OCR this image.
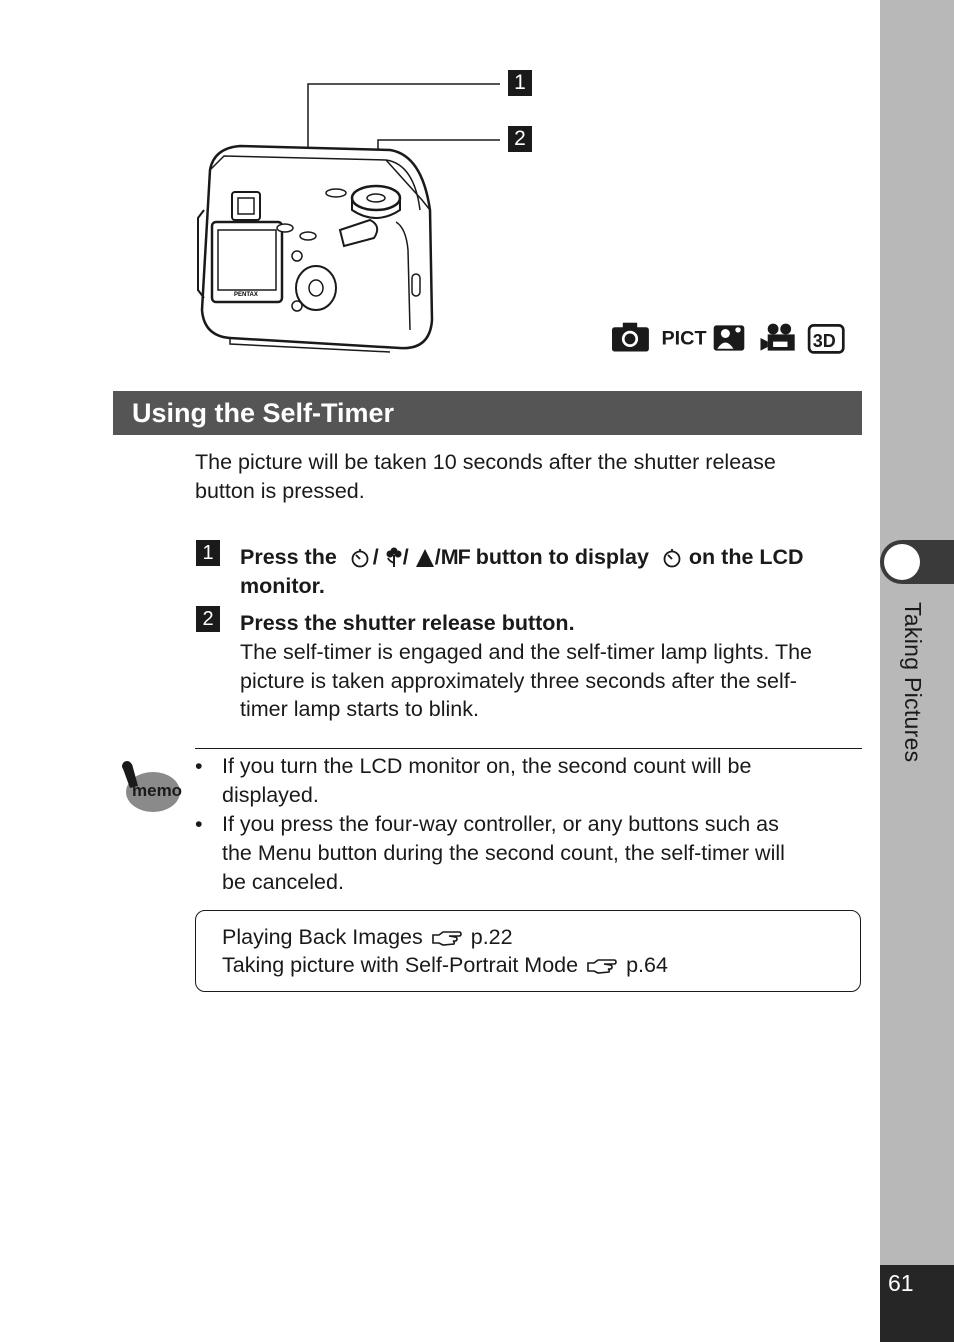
Taking Pictures
61
PENTAX
1
2
PICT	3D
Using the Self-Timer
The picture will be taken 10 seconds after the shutter release
button is pressed.
1 Press the / / /MF button to display on the LCD
monitor.
2 Press the shutter release button.
The self-timer is engaged and the self-timer lamp lights. The
picture is taken approximately three seconds after the self-
timer lamp starts to blink.
memo
• If you turn the LCD monitor on, the second count will be
displayed.
• If you press the four-way controller, or any buttons such as
the Menu button during the second count, the self-timer will
be canceled.
Playing Back Images p.22
Taking picture with Self-Portrait Mode p.64
